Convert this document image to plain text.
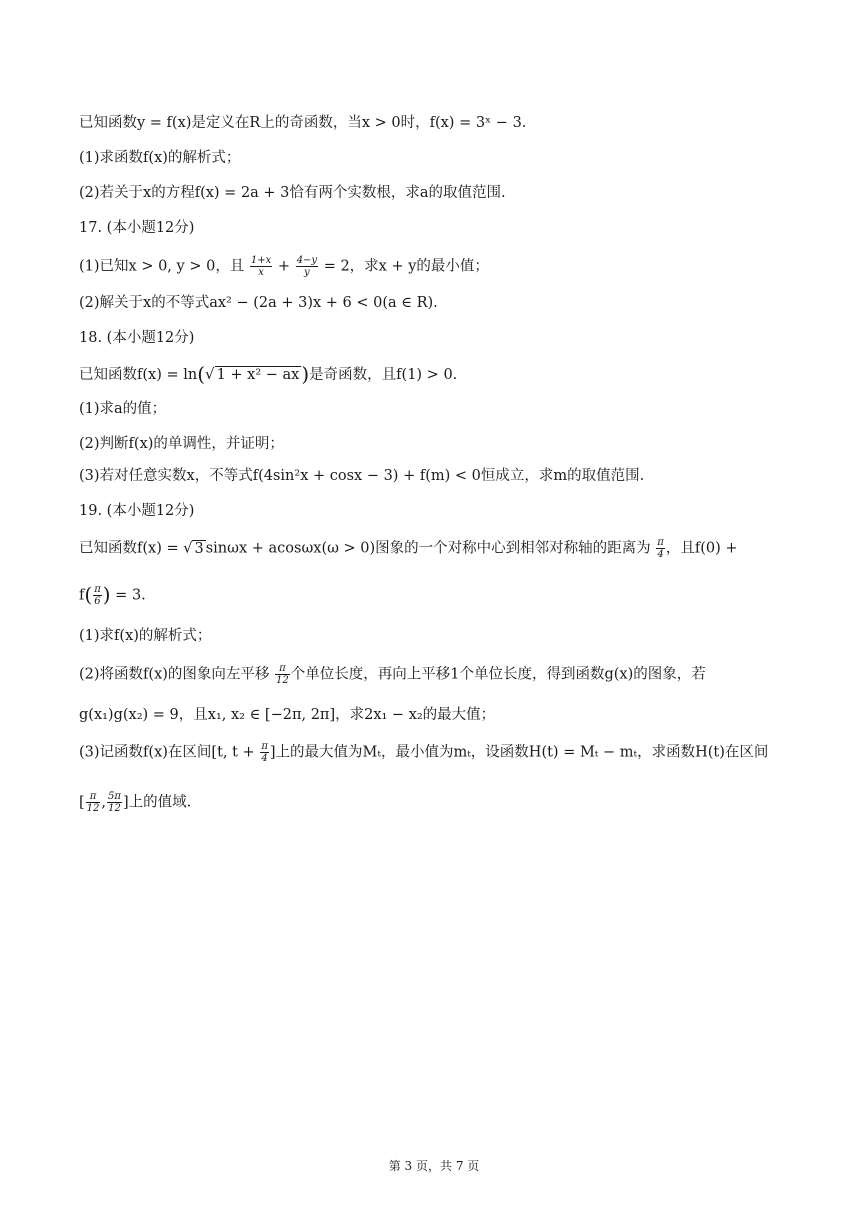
已知函数y = f(x)是定义在R上的奇函数，当x > 0时，f(x) = 3ˣ − 3.
(1)求函数f(x)的解析式；
(2)若关于x的方程f(x) = 2a + 3恰有两个实数根，求a的取值范围.
17. (本小题12分)
(1)已知x > 0, y > 0，且 $\frac{1+x}{x} + \frac{4-y}{y} = 2$，求x + y的最小值；
(2)解关于x的不等式ax² − (2a + 3)x + 6 < 0(a ∈ R).
18. (本小题12分)
已知函数f(x) = ln(√ 1 + x² − ax )是奇函数，且f(1) > 0.
(1)求a的值；
(2)判断f(x)的单调性，并证明；
(3)若对任意实数x，不等式f(4sin²x + cosx − 3) + f(m) < 0恒成立，求m的取值范围.
19. (本小题12分)
已知函数f(x) = √ 3 sinωx + acosωx(ω > 0)图象的一个对称中心到相邻对称轴的距离为 $\frac{\pi}{4}$ ，且f(0) +
$f( \frac{\pi}{6}$ ) = 3.
(1)求f(x)的解析式；
(2)将函数f(x)的图象向左平移 $\frac{\pi}{12}$ 个单位长度，再向上平移1个单位长度，得到函数g(x)的图象，若
g(x₁)g(x₂) = 9，且x₁, x₂ ∈ [−2π, 2π]，求2x₁ − x₂的最大值；
(3)记函数f(x)在区间[t, $t + \frac{\pi}{4}$ ]上的最大值为Mₜ，最小值为mₜ，设函数H(t) = Mₜ − mₜ，求函数H(t)在区间
[ $\frac{\pi}{12}$ , $\frac{5\pi}{12}$ ]上的值域.
第 3 页，共 7 页
